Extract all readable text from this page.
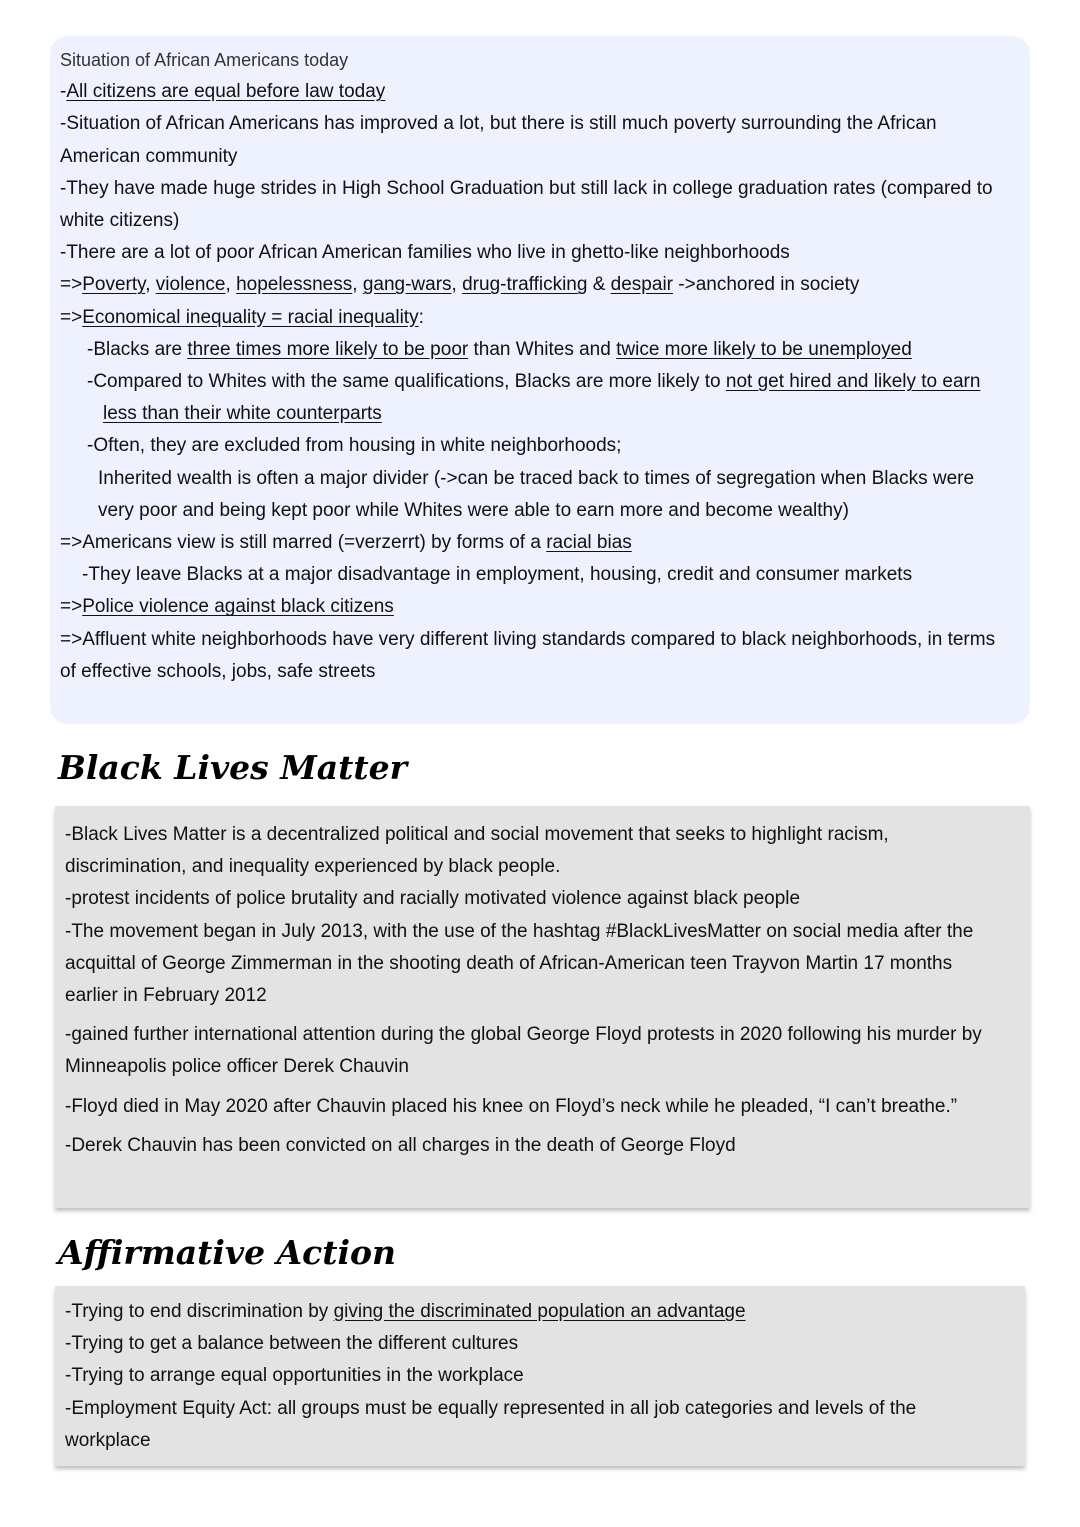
Situation of African Americans today
-All citizens are equal before law today
-Situation of African Americans has improved a lot, but there is still much poverty surrounding the African
American community
-They have made huge strides in High School Graduation but still lack in college graduation rates (compared to
white citizens)
-There are a lot of poor African American families who live in ghetto-like neighborhoods
=>Poverty, violence, hopelessness, gang-wars, drug-trafficking & despair ->anchored in society
=>Economical inequality = racial inequality:
-Blacks are three times more likely to be poor than Whites and twice more likely to be unemployed
-Compared to Whites with the same qualifications, Blacks are more likely to not get hired and likely to earn
less than their white counterparts
-Often, they are excluded from housing in white neighborhoods;
Inherited wealth is often a major divider (->can be traced back to times of segregation when Blacks were
very poor and being kept poor while Whites were able to earn more and become wealthy)
=>Americans view is still marred (=verzerrt) by forms of a racial bias
-They leave Blacks at a major disadvantage in employment, housing, credit and consumer markets
=>Police violence against black citizens
=>Affluent white neighborhoods have very different living standards compared to black neighborhoods, in terms
of effective schools, jobs, safe streets
Black Lives Matter
-Black Lives Matter is a decentralized political and social movement that seeks to highlight racism,
discrimination, and inequality experienced by black people.
-protest incidents of police brutality and racially motivated violence against black people
-The movement began in July 2013, with the use of the hashtag #BlackLivesMatter on social media after the
acquittal of George Zimmerman in the shooting death of African-American teen Trayvon Martin 17 months
earlier in February 2012
-gained further international attention during the global George Floyd protests in 2020 following his murder by
Minneapolis police officer Derek Chauvin
-Floyd died in May 2020 after Chauvin placed his knee on Floyd’s neck while he pleaded, “I can’t breathe.”
-Derek Chauvin has been convicted on all charges in the death of George Floyd
Affirmative Action
-Trying to end discrimination by giving the discriminated population an advantage
-Trying to get a balance between the different cultures
-Trying to arrange equal opportunities in the workplace
-Employment Equity Act: all groups must be equally represented in all job categories and levels of the
workplace
